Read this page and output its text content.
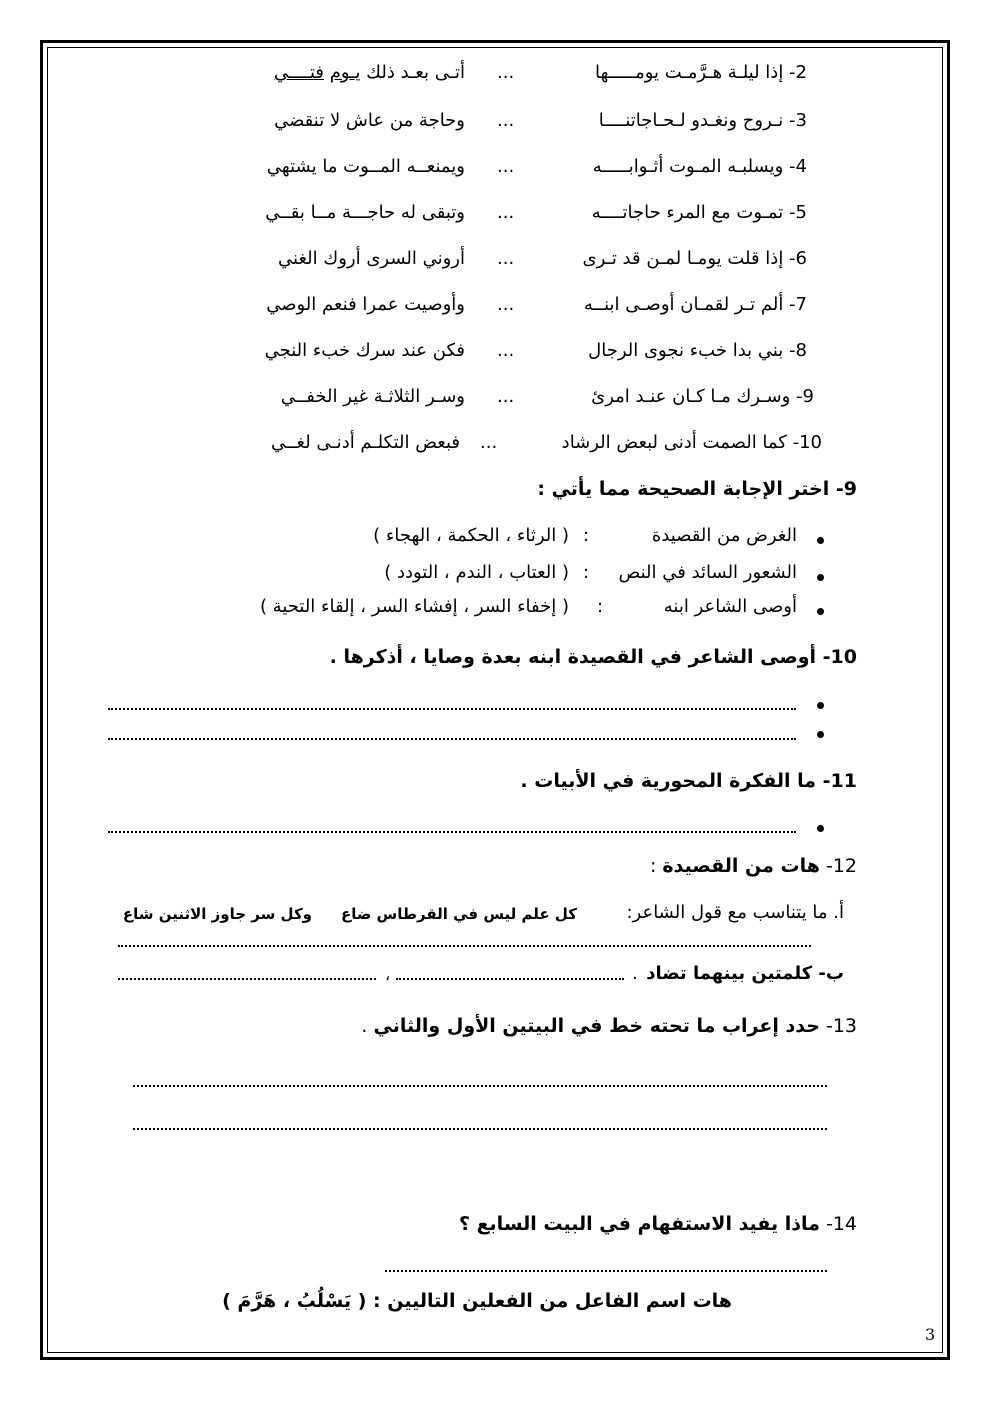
2- إذا ليلـة هـرَّمـت يومـــــها
...
أتـى بعـد ذلك يـوم فتــــي
3- نـروح ونغـدو لـحـاجاتنــــا
...
وحاجة من عاش لا تنقضي
4- ويسلبـه المـوت أثـوابـــــه
...
ويمنعــه المــوت ما يشتهي
5- تمـوت مع المرء حاجاتــــه
...
وتبقى له حاجـــة مــا بقــي
6- إذا قلت يومـا لمـن قد تـرى
...
أروني السرى أروك الغني
7- ألم تـر لقمـان أوصـى ابنــه
...
وأوصيت عمرا فنعم الوصي
8- بني بدا خبء نجوى الرجال
...
فكن عند سرك خبء النجي
9- وسـرك مـا كـان عنـد امرئ
...
وسـر الثلاثـة غير الخفــي
10- كما الصمت أدنى لبعض الرشاد
...
فبعض التكلـم أدنـى لغــي
9- اختر الإجابة الصحيحة مما يأتي :
الغرض من القصيدة
:
( الرثاء ، الحكمة ، الهجاء )
الشعور السائد في النص
:
( العتاب ، الندم ، التودد )
أوصى الشاعر ابنه
:
( إخفاء السر ، إفشاء السر ، إلقاء التحية )
10- أوصى الشاعر في القصيدة ابنه بعدة وصايا ، أذكرها .
11- ما الفكرة المحورية في الأبيات .
12- هات من القصيدة :
أ. ما يتناسب مع قول الشاعر:
كل علم ليس في القرطاس ضاع
وكل سر جاوز الاثنين شاع
ب- كلمتين بينهما تضاد
.
،
13- حدد إعراب ما تحته خط في البيتين الأول والثاني .
14- ماذا يفيد الاستفهام في البيت السابع ؟
هات اسم الفاعل من الفعلين التاليين : ( يَسْلُبُ ، هَرَّمَ )
3
